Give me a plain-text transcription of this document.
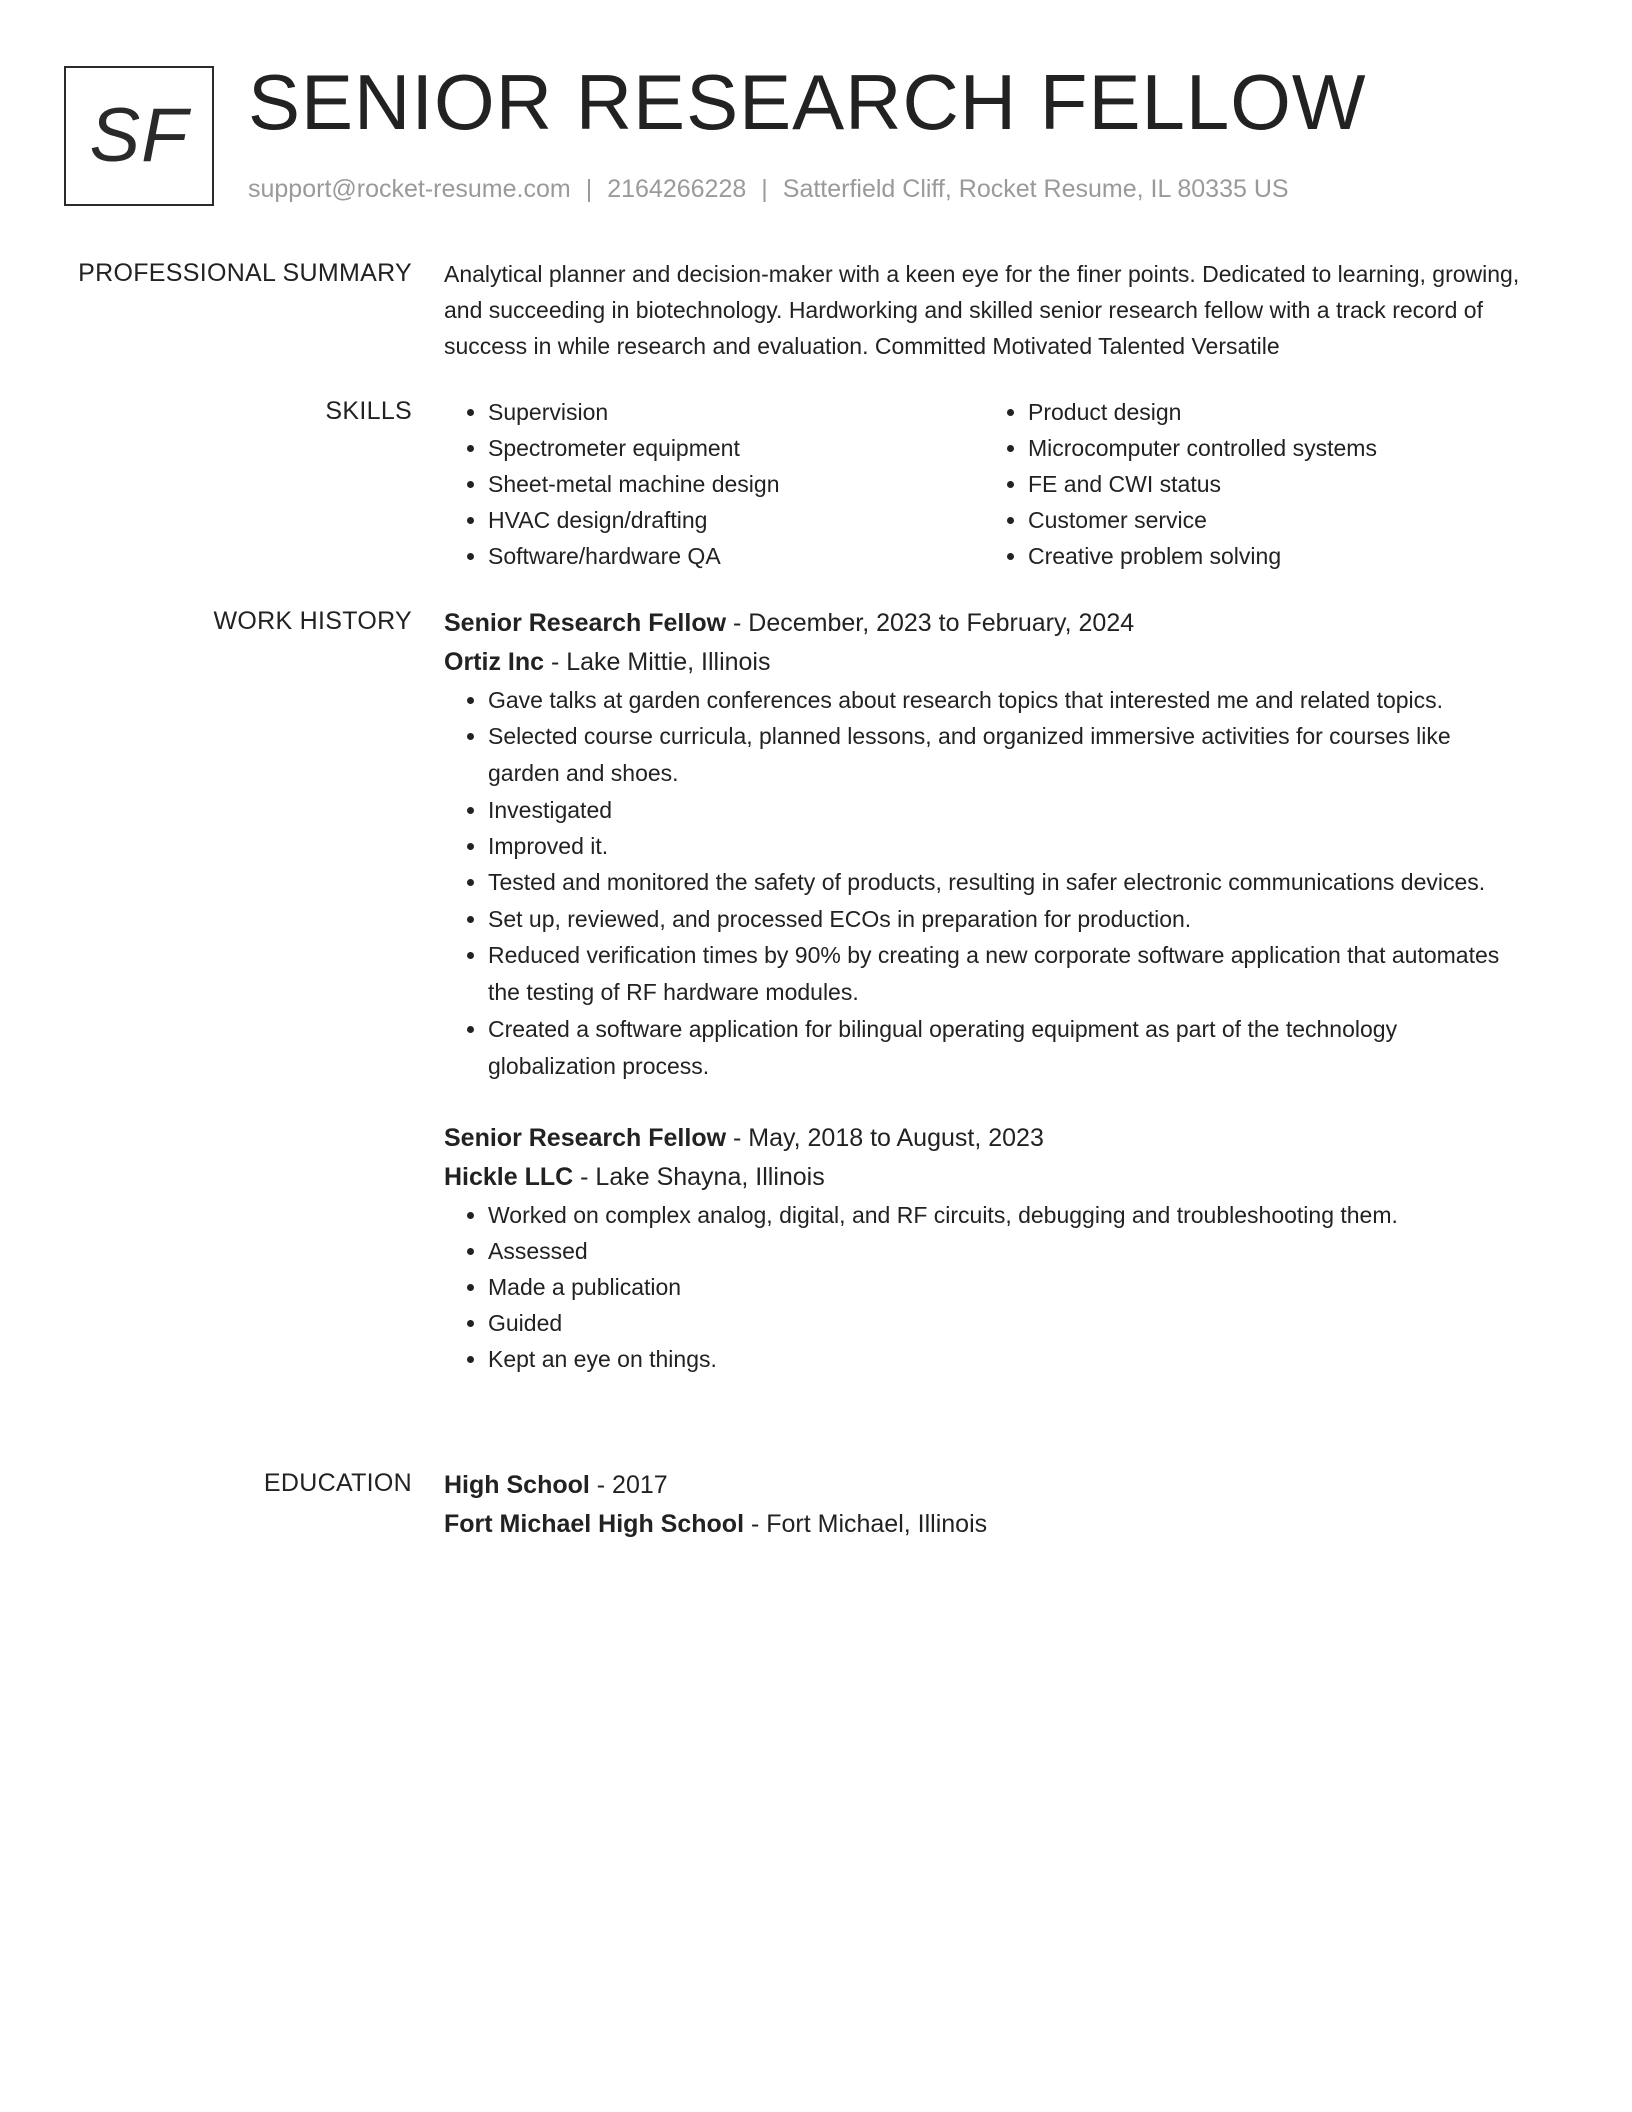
SF SENIOR RESEARCH FELLOW
support@rocket-resume.com | 2164266228 | Satterfield Cliff, Rocket Resume, IL 80335 US
PROFESSIONAL SUMMARY Analytical planner and decision-maker with a keen eye for the finer points. Dedicated to learning, growing, and succeeding in biotechnology. Hardworking and skilled senior research fellow with a track record of success in while research and evaluation. Committed Motivated Talented Versatile

SKILLS
•	Supervision
• Spectrometer equipment
• Sheet-metal machine design
• HVAC design/drafting
• Software/hardware QA
• Product design
• Microcomputer controlled systems
• FE and CWI status
• Customer service
• Creative problem solving
WORK HISTORY Senior Research Fellow - December, 2023 to February, 2024
Ortiz Inc - Lake Mittie, Illinois
• Gave talks at garden conferences about research topics that interested me and related topics.
• Selected course curricula, planned lessons, and organized immersive activities for courses like garden and shoes.
• Investigated
• Improved it.
• Tested and monitored the safety of products, resulting in safer electronic communications devices.
• Set up, reviewed, and processed ECOs in preparation for production.
• Reduced verification times by 90% by creating a new corporate software application that automates the testing of RF hardware modules.
• Created a software application for bilingual operating equipment as part of the technology globalization process.
Senior Research Fellow - May, 2018 to August, 2023
Hickle LLC - Lake Shayna, Illinois
• Worked on complex analog, digital, and RF circuits, debugging and troubleshooting them.
• Assessed
• Made a publication
• Guided
• Kept an eye on things.
EDUCATION High School - 2017
Fort Michael High School - Fort Michael, Illinois
